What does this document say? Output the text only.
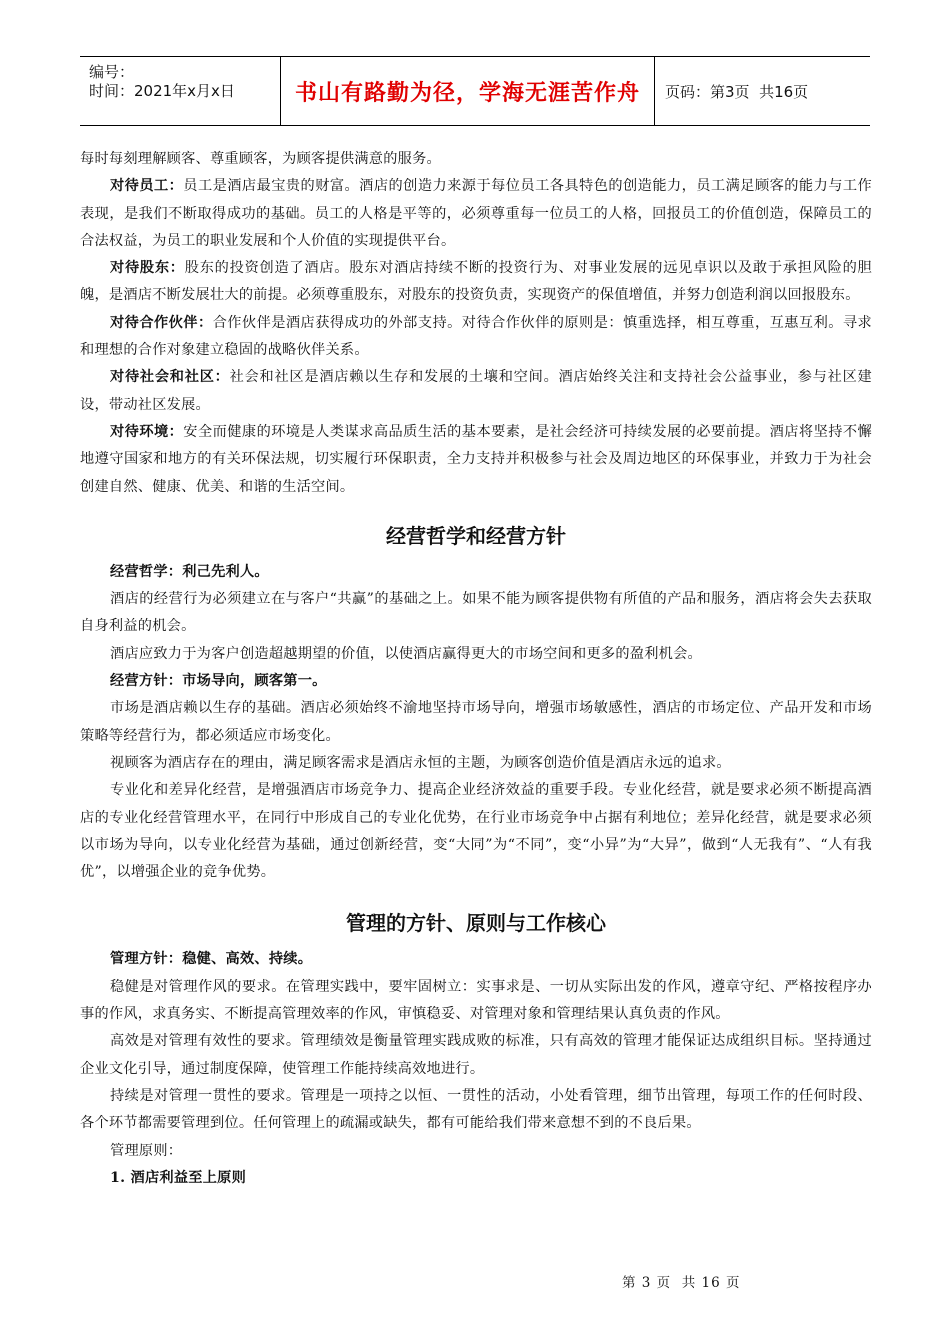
编号：
时间：2021年x月x日	书山有路勤为径，学海无涯苦作舟	页码：第3页  共16页

每时每刻理解顾客、尊重顾客，为顾客提供满意的服务。

对待员工：员工是酒店最宝贵的财富。酒店的创造力来源于每位员工各具特色的创造能力，员工满足顾客的能力与工作表现，是我们不断取得成功的基础。员工的人格是平等的，必须尊重每一位员工的人格，回报员工的价值创造，保障员工的合法权益，为员工的职业发展和个人价值的实现提供平台。

对待股东：股东的投资创造了酒店。股东对酒店持续不断的投资行为、对事业发展的远见卓识以及敢于承担风险的胆魄，是酒店不断发展壮大的前提。必须尊重股东，对股东的投资负责，实现资产的保值增值，并努力创造利润以回报股东。

对待合作伙伴：合作伙伴是酒店获得成功的外部支持。对待合作伙伴的原则是：慎重选择，相互尊重，互惠互利。寻求和理想的合作对象建立稳固的战略伙伴关系。

对待社会和社区：社会和社区是酒店赖以生存和发展的土壤和空间。酒店始终关注和支持社会公益事业，参与社区建设，带动社区发展。

对待环境：安全而健康的环境是人类谋求高品质生活的基本要素，是社会经济可持续发展的必要前提。酒店将坚持不懈地遵守国家和地方的有关环保法规，切实履行环保职责，全力支持并积极参与社会及周边地区的环保事业，并致力于为社会创建自然、健康、优美、和谐的生活空间。

经营哲学和经营方针

经营哲学：利己先利人。

酒店的经营行为必须建立在与客户“共赢”的基础之上。如果不能为顾客提供物有所值的产品和服务，酒店将会失去获取自身利益的机会。

酒店应致力于为客户创造超越期望的价值，以使酒店赢得更大的市场空间和更多的盈利机会。

经营方针：市场导向，顾客第一。

市场是酒店赖以生存的基础。酒店必须始终不渝地坚持市场导向，增强市场敏感性，酒店的市场定位、产品开发和市场策略等经营行为，都必须适应市场变化。

视顾客为酒店存在的理由，满足顾客需求是酒店永恒的主题，为顾客创造价值是酒店永远的追求。

专业化和差异化经营，是增强酒店市场竞争力、提高企业经济效益的重要手段。专业化经营，就是要求必须不断提高酒店的专业化经营管理水平，在同行中形成自己的专业化优势，在行业市场竞争中占据有利地位；差异化经营，就是要求必须以市场为导向，以专业化经营为基础，通过创新经营，变“大同”为“不同”，变“小异”为“大异”，做到“人无我有”、“人有我优”，以增强企业的竞争优势。

管理的方针、原则与工作核心

管理方针：稳健、高效、持续。

稳健是对管理作风的要求。在管理实践中，要牢固树立：实事求是、一切从实际出发的作风，遵章守纪、严格按程序办事的作风，求真务实、不断提高管理效率的作风，审慎稳妥、对管理对象和管理结果认真负责的作风。

高效是对管理有效性的要求。管理绩效是衡量管理实践成败的标准，只有高效的管理才能保证达成组织目标。坚持通过企业文化引导，通过制度保障，使管理工作能持续高效地进行。

持续是对管理一贯性的要求。管理是一项持之以恒、一贯性的活动，小处看管理，细节出管理，每项工作的任何时段、各个环节都需要管理到位。任何管理上的疏漏或缺失，都有可能给我们带来意想不到的不良后果。

管理原则：

1. 酒店利益至上原则

第 3 页  共 16 页
